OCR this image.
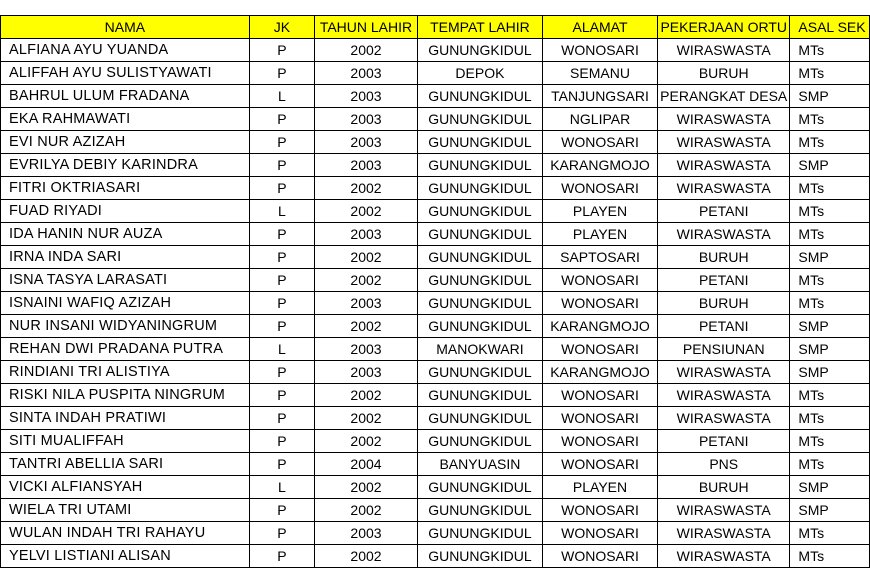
NAMA	JK	TAHUN LAHIR	TEMPAT LAHIR	ALAMAT	PEKERJAAN ORTU	ASAL SEK
ALFIANA AYU YUANDA	P	2002	GUNUNGKIDUL	WONOSARI	WIRASWASTA	MTs
ALIFFAH AYU SULISTYAWATI	P	2003	DEPOK	SEMANU	BURUH	MTs
BAHRUL ULUM FRADANA	L	2003	GUNUNGKIDUL	TANJUNGSARI	PERANGKAT DESA	SMP
EKA RAHMAWATI	P	2003	GUNUNGKIDUL	NGLIPAR	WIRASWASTA	MTs
EVI NUR AZIZAH	P	2003	GUNUNGKIDUL	WONOSARI	WIRASWASTA	MTs
EVRILYA DEBIY KARINDRA	P	2003	GUNUNGKIDUL	KARANGMOJO	WIRASWASTA	SMP
FITRI OKTRIASARI	P	2002	GUNUNGKIDUL	WONOSARI	WIRASWASTA	MTs
FUAD RIYADI	L	2002	GUNUNGKIDUL	PLAYEN	PETANI	MTs
IDA HANIN NUR AUZA	P	2003	GUNUNGKIDUL	PLAYEN	WIRASWASTA	MTs
IRNA INDA SARI	P	2002	GUNUNGKIDUL	SAPTOSARI	BURUH	SMP
ISNA TASYA LARASATI	P	2002	GUNUNGKIDUL	WONOSARI	PETANI	MTs
ISNAINI WAFIQ AZIZAH	P	2003	GUNUNGKIDUL	WONOSARI	BURUH	MTs
NUR INSANI WIDYANINGRUM	P	2002	GUNUNGKIDUL	KARANGMOJO	PETANI	SMP
REHAN DWI PRADANA PUTRA	L	2003	MANOKWARI	WONOSARI	PENSIUNAN	SMP
RINDIANI TRI ALISTIYA	P	2003	GUNUNGKIDUL	KARANGMOJO	WIRASWASTA	SMP
RISKI NILA PUSPITA NINGRUM	P	2002	GUNUNGKIDUL	WONOSARI	WIRASWASTA	MTs
SINTA INDAH PRATIWI	P	2002	GUNUNGKIDUL	WONOSARI	WIRASWASTA	MTs
SITI MUALIFFAH	P	2002	GUNUNGKIDUL	WONOSARI	PETANI	MTs
TANTRI ABELLIA SARI	P	2004	BANYUASIN	WONOSARI	PNS	MTs
VICKI ALFIANSYAH	L	2002	GUNUNGKIDUL	PLAYEN	BURUH	SMP
WIELA TRI UTAMI	P	2002	GUNUNGKIDUL	WONOSARI	WIRASWASTA	SMP
WULAN INDAH TRI RAHAYU	P	2003	GUNUNGKIDUL	WONOSARI	WIRASWASTA	MTs
YELVI LISTIANI ALISAN	P	2002	GUNUNGKIDUL	WONOSARI	WIRASWASTA	MTs
